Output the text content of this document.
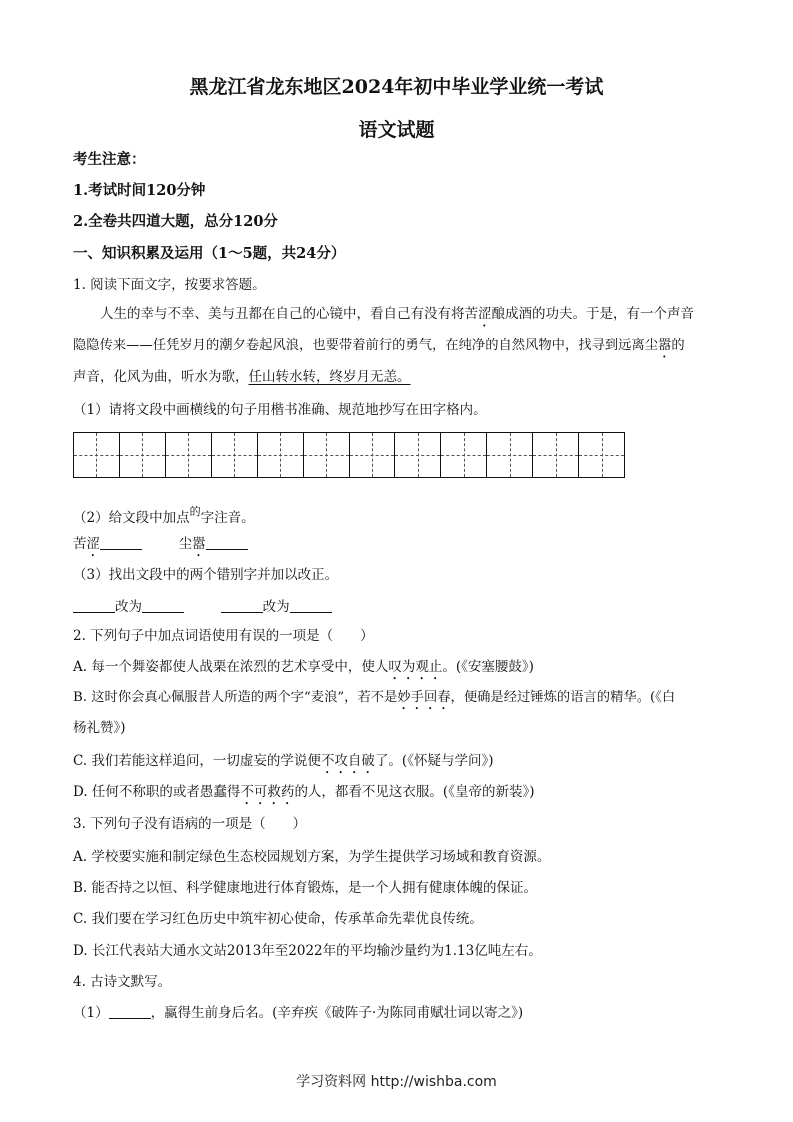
黑龙江省龙东地区2024年初中毕业学业统一考试
语文试题
考生注意：
1.考试时间120分钟
2.全卷共四道大题，总分120分
一、知识积累及运用（1～5题，共24分）
1. 阅读下面文字，按要求答题。
人生的幸与不幸、美与丑都在自己的心镜中，看自己有没有将苦涩酿成酒的功夫。于是，有一个声音
隐隐传来——任凭岁月的潮夕卷起风浪，也要带着前行的勇气，在纯净的自然风物中，找寻到远离尘嚣的
声音，化风为曲，听水为歌，任山转水转，终岁月无恙。
（1）请将文段中画横线的句子用楷书准确、规范地抄写在田字格内。
（2）给文段中加点$^的$字注音。
苦涩	尘嚣
（3）找出文段中的两个错别字并加以改正。
改为	改为
2. 下列句子中加点词语使用有误的一项是（　　）
A. 每一个舞姿都使人战栗在浓烈的艺术享受中，使人叹为观止。(《安塞腰鼓》)
B. 这时你会真心佩服昔人所造的两个字“麦浪”，若不是妙手回春，便确是经过锤炼的语言的精华。(《白
杨礼赞》)
C. 我们若能这样追问，一切虚妄的学说便不攻自破了。(《怀疑与学问》)
D. 任何不称职的或者愚蠢得不可救药的人，都看不见这衣服。(《皇帝的新装》)
3. 下列句子没有语病的一项是（　　）
A. 学校要实施和制定绿色生态校园规划方案，为学生提供学习场域和教育资源。
B. 能否持之以恒、科学健康地进行体育锻炼，是一个人拥有健康体魄的保证。
C. 我们要在学习红色历史中筑牢初心使命，传承革命先辈优良传统。
D. 长江代表站大通水文站2013年至2022年的平均输沙量约为1.13亿吨左右。
4. 古诗文默写。
（1）	，赢得生前身后名。(辛弃疾《破阵子·为陈同甫赋壮词以寄之》)
学习资料网 http://wishba.com
